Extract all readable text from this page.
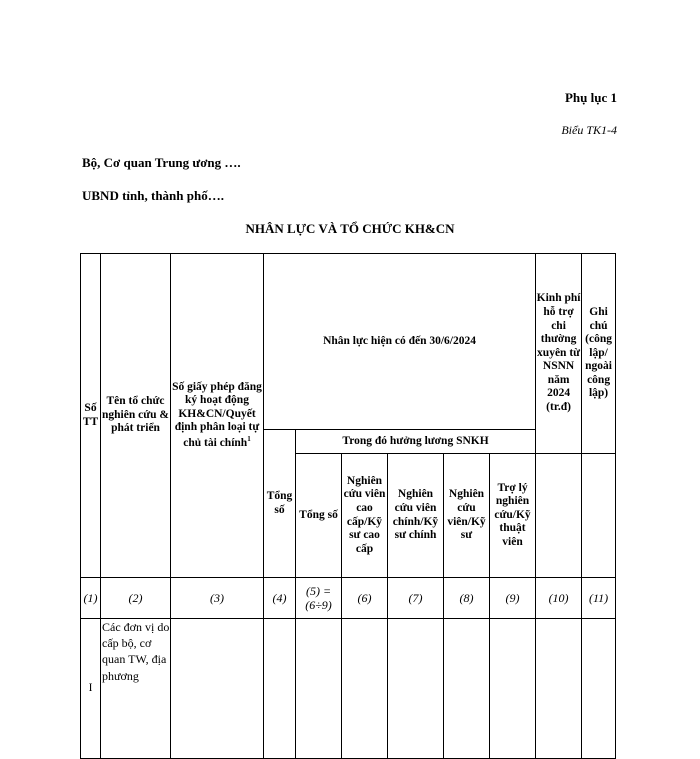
Phụ lục 1
Biểu TK1-4
Bộ, Cơ quan Trung ương ….
UBND tỉnh, thành phố….
NHÂN LỰC VÀ TỔ CHỨC KH&CN
Số TT	Tên tổ chức nghiên cứu & phát triển	Số giấy phép đăng ký hoạt động KH&CN/Quyết định phân loại tự chủ tài chính$^1$	Nhân lực hiện có đến 30/6/2024						Kinh phí hỗ trợ chi thường xuyên từ NSNN năm 2024 (tr.đ)	Ghi chú (công lập/ ngoài công lập)
			Tổng số	Trong đó hưởng lương SNKH						
				Tổng số	Nghiên cứu viên cao cấp/Kỹ sư cao cấp	Nghiên cứu viên chính/Kỹ sư chính	Nghiên cứu viên/Kỹ sư	Trợ lý nghiên cứu/Kỹ thuật viên		
(1)	(2)	(3)	(4)	(5) =(6÷9)	(6)	(7)	(8)	(9)	(10)	(11)
I	Các đơn vị do cấp bộ, cơ quan TW, địa phương									
